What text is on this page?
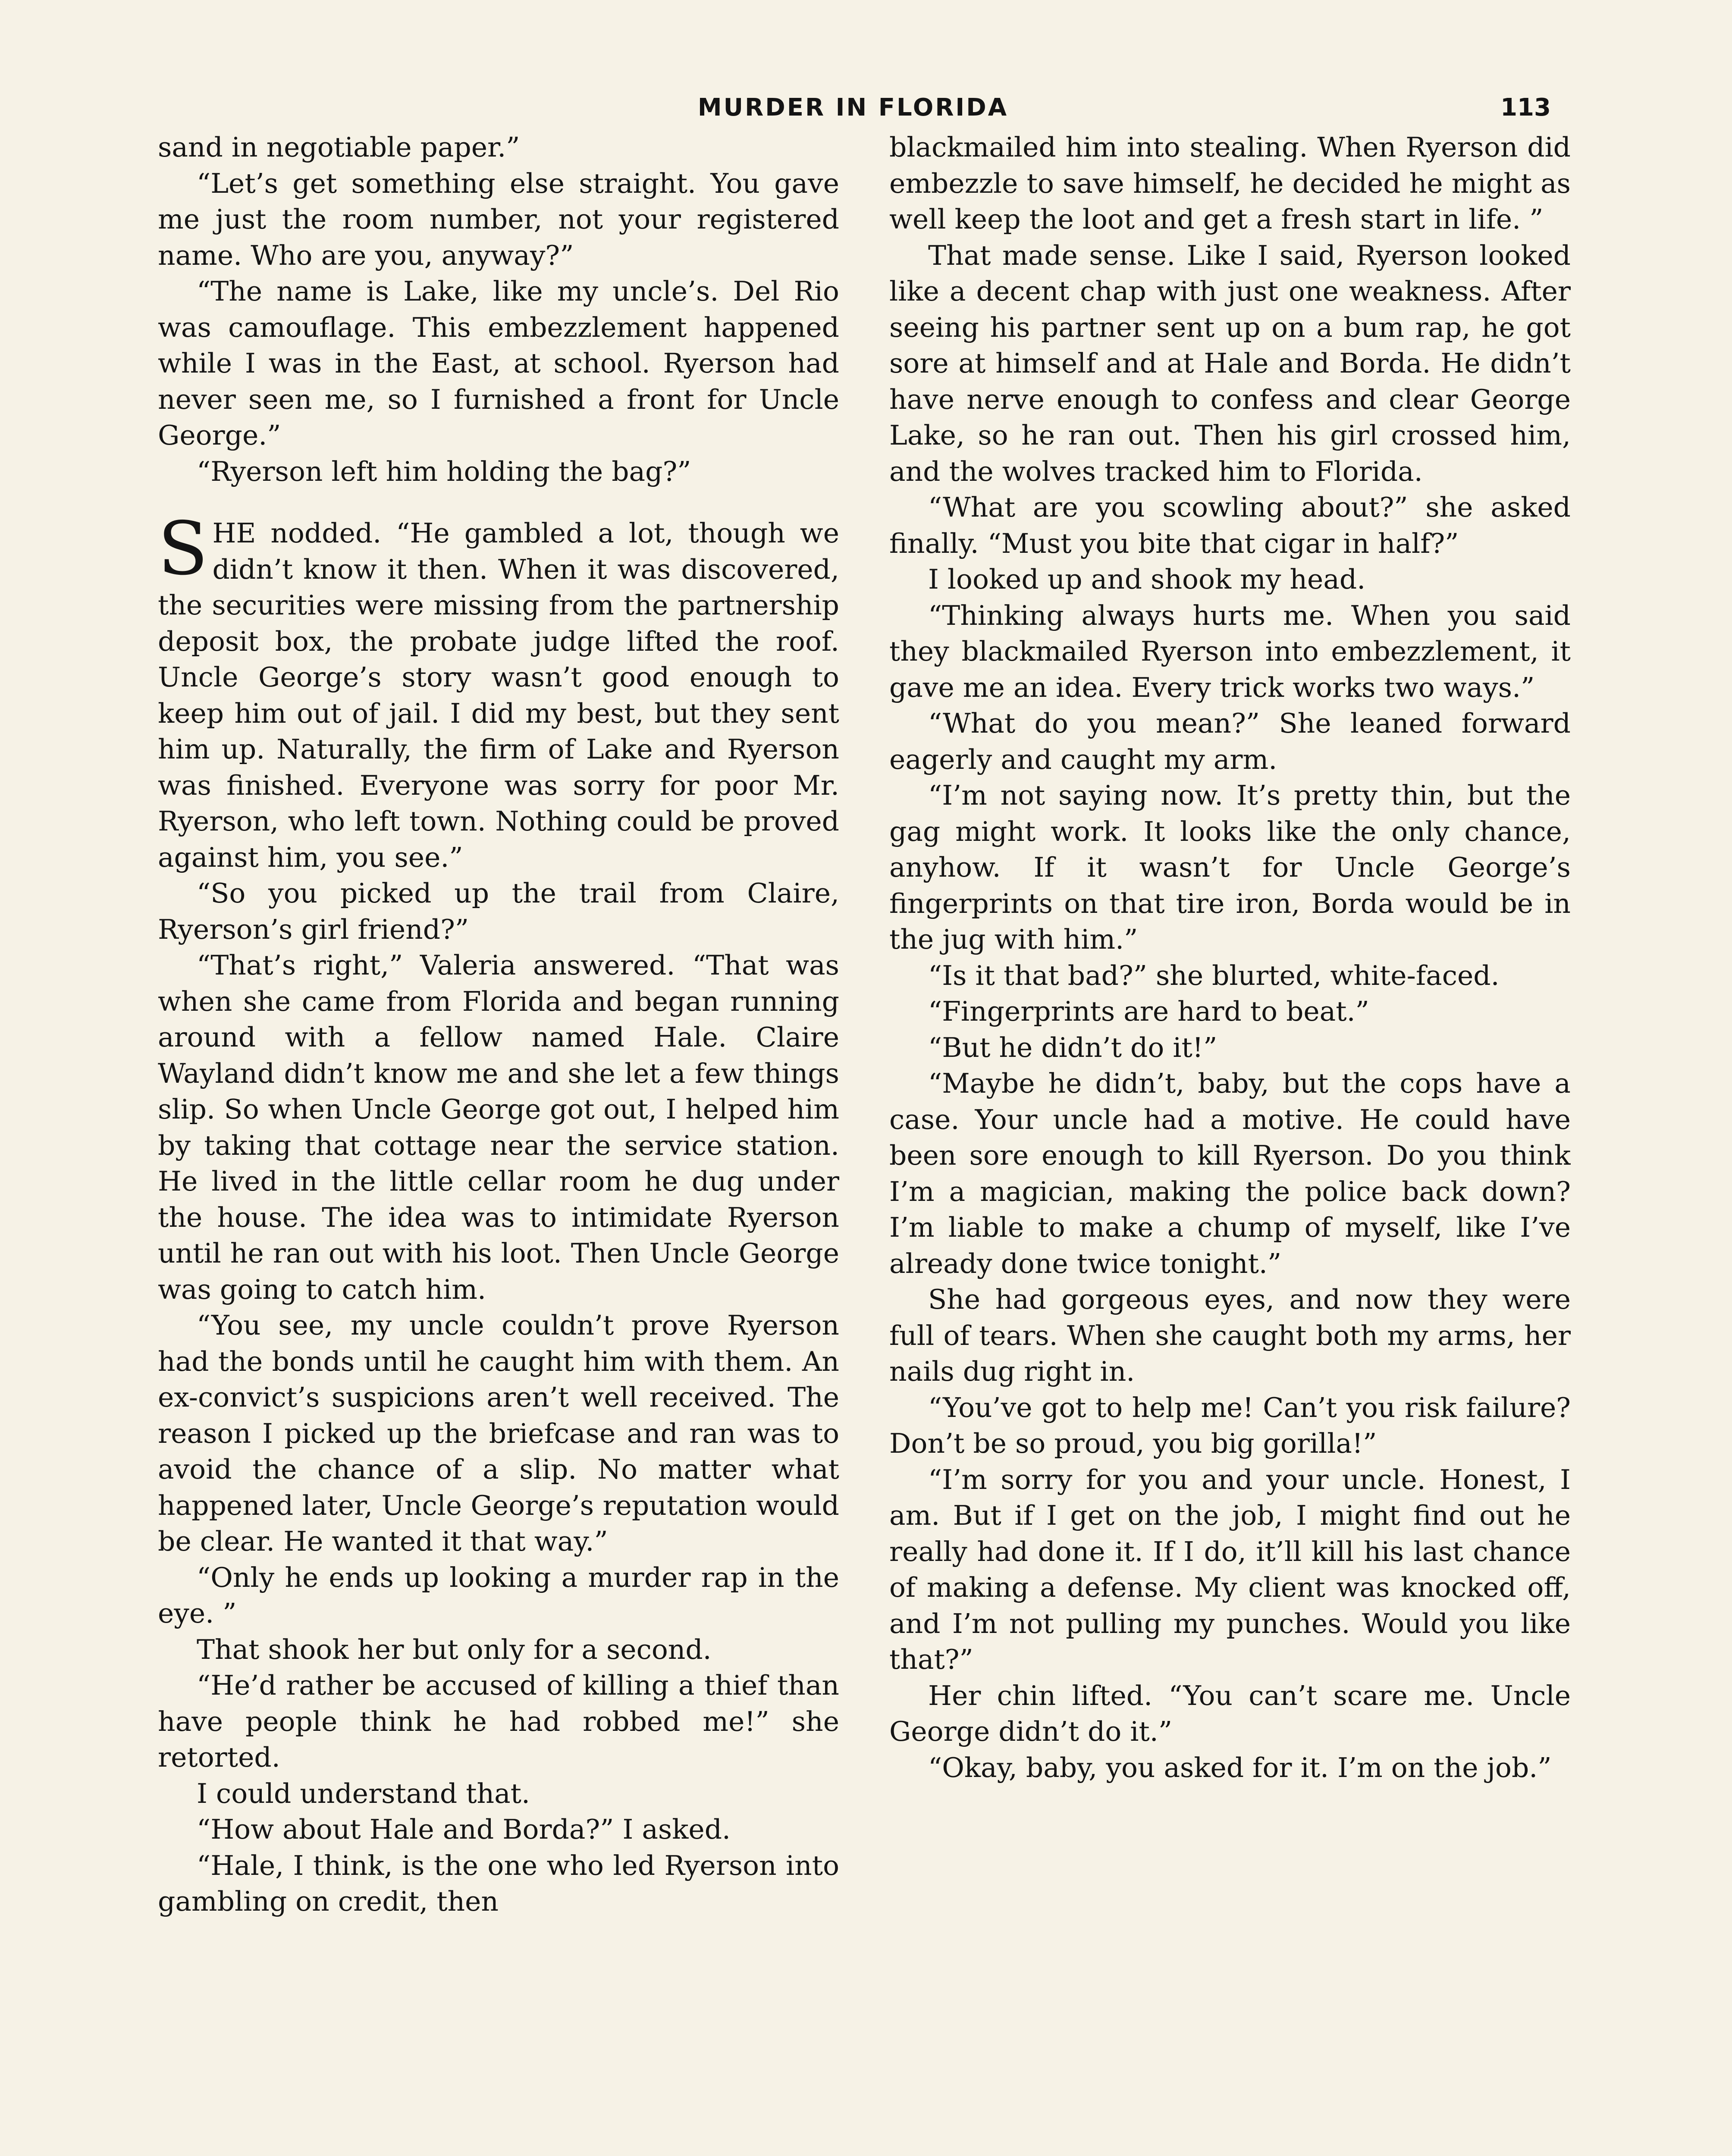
MURDER IN FLORIDA	113

sand in negotiable paper.”

“Let’s get something else straight. You gave me just the room number, not your registered name. Who are you, anyway?”

“The name is Lake, like my uncle’s. Del Rio was camouflage. This embezzlement happened while I was in the East, at school. Ryerson had never seen me, so I furnished a front for Uncle George.”

“Ryerson left him holding the bag?”

SHE nodded. “He gambled a lot, though we didn’t know it then. When it was discovered, the securities were missing from the partnership deposit box, the probate judge lifted the roof. Uncle George’s story wasn’t good enough to keep him out of jail. I did my best, but they sent him up. Naturally, the firm of Lake and Ryerson was finished. Everyone was sorry for poor Mr. Ryerson, who left town. Nothing could be proved against him, you see.”

“So you picked up the trail from Claire, Ryerson’s girl friend?”

“That’s right,” Valeria answered. “That was when she came from Florida and began running around with a fellow named Hale. Claire Wayland didn’t know me and she let a few things slip. So when Uncle George got out, I helped him by taking that cottage near the service station. He lived in the little cellar room he dug under the house. The idea was to intimidate Ryerson until he ran out with his loot. Then Uncle George was going to catch him.

“You see, my uncle couldn’t prove Ryerson had the bonds until he caught him with them. An ex-convict’s suspicions aren’t well received. The reason I picked up the briefcase and ran was to avoid the chance of a slip. No matter what happened later, Uncle George’s reputation would be clear. He wanted it that way.”

“Only he ends up looking a murder rap in the eye. ”

That shook her but only for a second.

“He’d rather be accused of killing a thief than have people think he had robbed me!” she retorted.

I could understand that.

“How about Hale and Borda?” I asked.

“Hale, I think, is the one who led Ryerson into gambling on credit, then

blackmailed him into stealing. When Ryerson did embezzle to save himself, he decided he might as well keep the loot and get a fresh start in life. ”

That made sense. Like I said, Ryerson looked like a decent chap with just one weakness. After seeing his partner sent up on a bum rap, he got sore at himself and at Hale and Borda. He didn’t have nerve enough to confess and clear George Lake, so he ran out. Then his girl crossed him, and the wolves tracked him to Florida.

“What are you scowling about?” she asked finally. “Must you bite that cigar in half?”

I looked up and shook my head.

“Thinking always hurts me. When you said they blackmailed Ryerson into embezzlement, it gave me an idea. Every trick works two ways.”

“What do you mean?” She leaned forward eagerly and caught my arm.

“I’m not saying now. It’s pretty thin, but the gag might work. It looks like the only chance, anyhow. If it wasn’t for Uncle George’s fingerprints on that tire iron, Borda would be in the jug with him.”

“Is it that bad?” she blurted, white-faced.

“Fingerprints are hard to beat.”

“But he didn’t do it!”

“Maybe he didn’t, baby, but the cops have a case. Your uncle had a motive. He could have been sore enough to kill Ryerson. Do you think I’m a magician, making the police back down? I’m liable to make a chump of myself, like I’ve already done twice tonight.”

She had gorgeous eyes, and now they were full of tears. When she caught both my arms, her nails dug right in.

“You’ve got to help me! Can’t you risk failure? Don’t be so proud, you big gorilla!”

“I’m sorry for you and your uncle. Honest, I am. But if I get on the job, I might find out he really had done it. If I do, it’ll kill his last chance of making a defense. My client was knocked off, and I’m not pulling my punches. Would you like that?”

Her chin lifted. “You can’t scare me. Uncle George didn’t do it.”

“Okay, baby, you asked for it. I’m on the job.”
